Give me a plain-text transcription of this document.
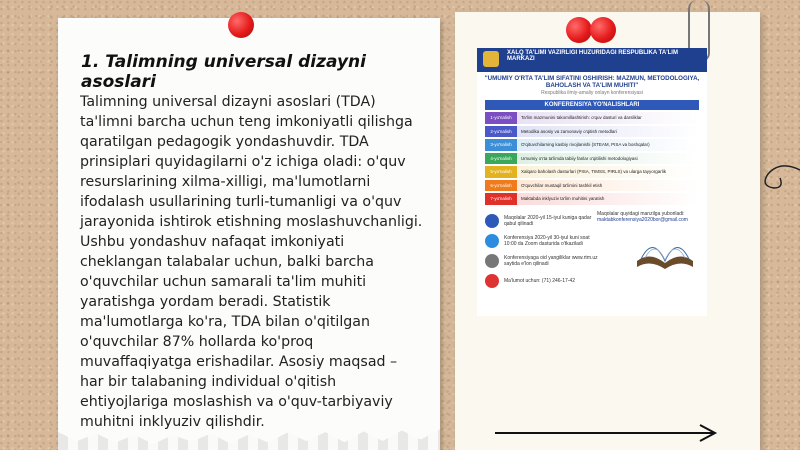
1. Talimning universal dizayni asoslari
Talimning universal dizayni asoslari (TDA) ta'limni barcha uchun teng imkoniyatli qilishga qaratilgan pedagogik yondashuvdir. TDA prinsiplari quyidagilarni o'z ichiga oladi: o'quv resurslarining xilma-xilligi, ma'lumotlarni ifodalash usullarining turli-tumanligi va o'quv jarayonida ishtirok etishning moslashuvchanligi. Ushbu yondashuv nafaqat imkoniyati cheklangan talabalar uchun, balki barcha o'quvchilar uchun samarali ta'lim muhiti yaratishga yordam beradi. Statistik ma'lumotlarga ko'ra, TDA bilan o'qitilgan o'quvchilar 87% hollarda ko'proq muvaffaqiyatga erishadilar. Asosiy maqsad – har bir talabaning individual o'qitish ehtiyojlariga moslashish va o'quv-tarbiyaviy muhitni inklyuziv qilishdir.
XALQ TA'LIMI VAZIRLIGI HUZURIDAGI RESPUBLIKA TA'LIM MARKAZI
"UMUMIY O'RTA TA'LIM SIFATINI OSHIRISH: MAZMUN, METODOLOGIYA, BAHOLASH VA TA'LIM MUHITI"
Respublika ilmiy-amaliy onlayn konferensiyasi
KONFERENSIYA YO'NALISHLARI
1-yo'nalish	Ta'lim mazmunini takomillashtirish: o'quv dasturi va darsliklar
2-yo'nalish	Metodika asosiy va zamonaviy o'qitish metodlari
3-yo'nalish	O'qituvchilarning kasbiy rivojlanishi (STEAM, PISA va boshqalar)
4-yo'nalish	Umumiy o'rta ta'limda tabiiy fanlar o'qitilishi metodologiyasi
5-yo'nalish	Xalqaro baholash dasturlari (PISA, TIMSS, PIRLS) va ularga tayyorgarlik
6-yo'nalish	O'quvchilar mustaqil ta'limini tashkil etish
7-yo'nalish	Maktabda inklyuziv ta'lim muhitini yaratish
Maqolalar quyidagi manzilga yuboriladi:
maktabkonferensiya2020bor@gmail.com
Maqolalar 2020-yil 15-iyul kuniga qadar qabul qilinadi
Konferensiya 2020-yil 30-iyul kuni soat 10:00 da Zoom dasturida o'tkaziladi
Konferensiyaga oid yangiliklar www.rtm.uz saytida e'lon qilinadi
Ma'lumot uchun: (71) 246-17-42
